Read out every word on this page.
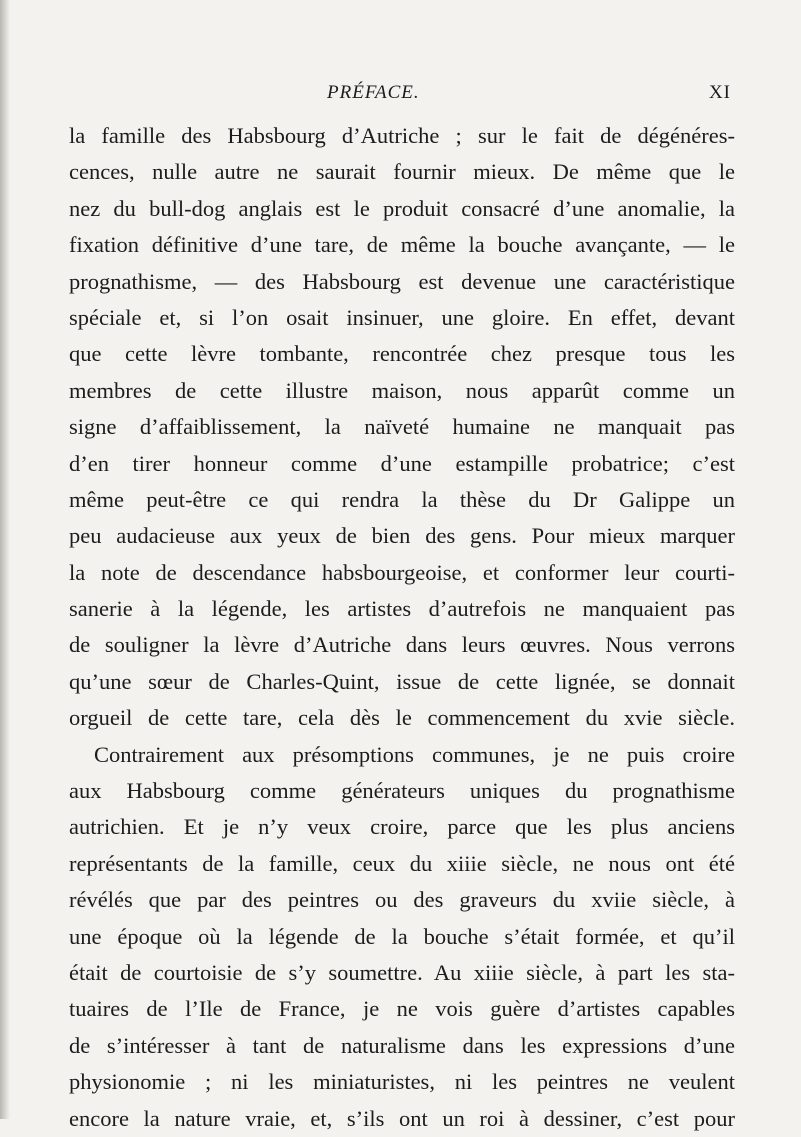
PRÉFACE.	XI
la famille des Habsbourg d’Autriche ; sur le fait de dégénéres-
cences, nulle autre ne saurait fournir mieux. De même que le
nez du bull-dog anglais est le produit consacré d’une anomalie, la
fixation définitive d’une tare, de même la bouche avançante, — le
prognathisme, — des Habsbourg est devenue une caractéristique
spéciale et, si l’on osait insinuer, une gloire. En effet, devant
que cette lèvre tombante, rencontrée chez presque tous les
membres de cette illustre maison, nous apparût comme un
signe d’affaiblissement, la naïveté humaine ne manquait pas
d’en tirer honneur comme d’une estampille probatrice; c’est
même peut-être ce qui rendra la thèse du Dr Galippe un
peu audacieuse aux yeux de bien des gens. Pour mieux marquer
la note de descendance habsbourgeoise, et conformer leur courti-
sanerie à la légende, les artistes d’autrefois ne manquaient pas
de souligner la lèvre d’Autriche dans leurs œuvres. Nous verrons
qu’une sœur de Charles-Quint, issue de cette lignée, se donnait
orgueil de cette tare, cela dès le commencement du xvie siècle.
Contrairement aux présomptions communes, je ne puis croire
aux Habsbourg comme générateurs uniques du prognathisme
autrichien. Et je n’y veux croire, parce que les plus anciens
représentants de la famille, ceux du xiiie siècle, ne nous ont été
révélés que par des peintres ou des graveurs du xviie siècle, à
une époque où la légende de la bouche s’était formée, et qu’il
était de courtoisie de s’y soumettre. Au xiiie siècle, à part les sta-
tuaires de l’Ile de France, je ne vois guère d’artistes capables
de s’intéresser à tant de naturalisme dans les expressions d’une
physionomie ; ni les miniaturistes, ni les peintres ne veulent
encore la nature vraie, et, s’ils ont un roi à dessiner, c’est pour
